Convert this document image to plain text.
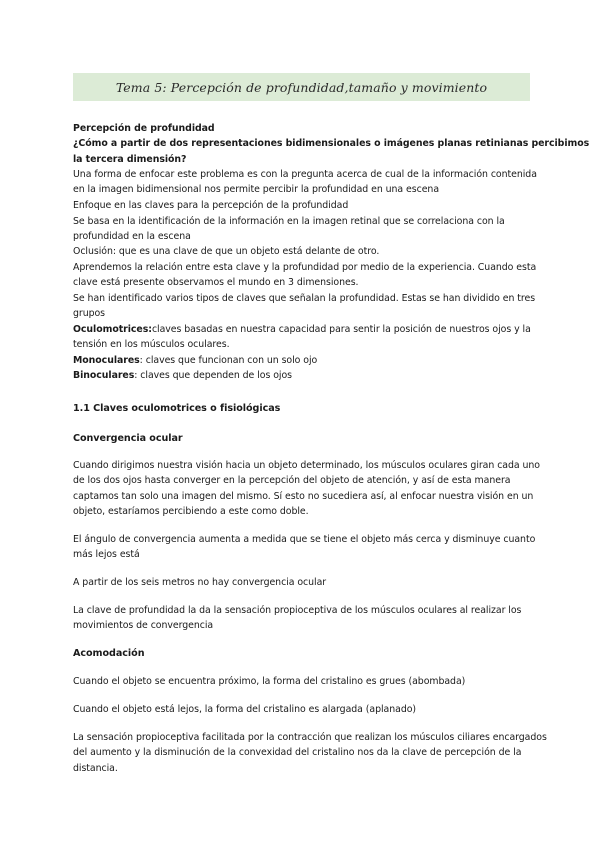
Tema 5: Percepción de profundidad,tamaño y movimiento
Percepción de profundidad
¿Cómo a partir de dos representaciones bidimensionales o imágenes planas retinianas percibimos
la tercera dimensión?
Una forma de enfocar este problema es con la pregunta acerca de cual de la información contenida
en la imagen bidimensional nos permite percibir la profundidad en una escena
Enfoque en las claves para la percepción de la profundidad
Se basa en la identificación de la información en la imagen retinal que se correlaciona con la
profundidad en la escena
Oclusión: que es una clave de que un objeto está delante de otro.
Aprendemos la relación entre esta clave y la profundidad por medio de la experiencia. Cuando esta
clave está presente observamos el mundo en 3 dimensiones.
Se han identificado varios tipos de claves que señalan la profundidad. Estas se han dividido en tres
grupos
Oculomotrices:claves basadas en nuestra capacidad para sentir la posición de nuestros ojos y la
tensión en los músculos oculares.
Monoculares: claves que funcionan con un solo ojo
Binoculares: claves que dependen de los ojos
1.1 Claves oculomotrices o fisiológicas
Convergencia ocular
Cuando dirigimos nuestra visión hacia un objeto determinado, los músculos oculares giran cada uno
de los dos ojos hasta converger en la percepción del objeto de atención, y así de esta manera
captamos tan solo una imagen del mismo. Sí esto no sucediera así, al enfocar nuestra visión en un
objeto, estaríamos percibiendo a este como doble.
El ángulo de convergencia aumenta a medida que se tiene el objeto más cerca y disminuye cuanto
más lejos está
A partir de los seis metros no hay convergencia ocular
La clave de profundidad la da la sensación propioceptiva de los músculos oculares al realizar los
movimientos de convergencia
Acomodación
Cuando el objeto se encuentra próximo, la forma del cristalino es grues (abombada)
Cuando el objeto está lejos, la forma del cristalino es alargada (aplanado)
La sensación propioceptiva facilitada por la contracción que realizan los músculos ciliares encargados
del aumento y la disminución de la convexidad del cristalino nos da la clave de percepción de la
distancia.
